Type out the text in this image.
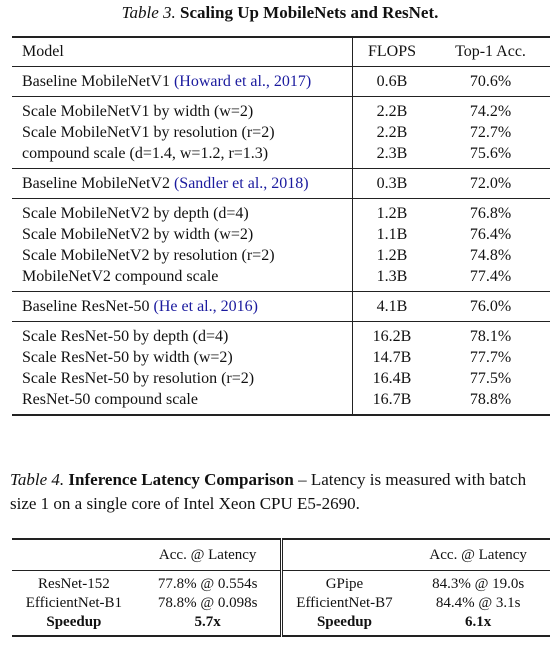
Table 3. Scaling Up MobileNets and ResNet.
Model	FLOPS	Top-1 Acc.
Baseline MobileNetV1 (Howard et al., 2017)	0.6B	70.6%
Scale MobileNetV1 by width (w=2)	2.2B	74.2%
Scale MobileNetV1 by resolution (r=2)	2.2B	72.7%
compound scale (d=1.4, w=1.2, r=1.3)	2.3B	75.6%
Baseline MobileNetV2 (Sandler et al., 2018)	0.3B	72.0%
Scale MobileNetV2 by depth (d=4)	1.2B	76.8%
Scale MobileNetV2 by width (w=2)	1.1B	76.4%
Scale MobileNetV2 by resolution (r=2)	1.2B	74.8%
MobileNetV2 compound scale	1.3B	77.4%
Baseline ResNet-50 (He et al., 2016)	4.1B	76.0%
Scale ResNet-50 by depth (d=4)	16.2B	78.1%
Scale ResNet-50 by width (w=2)	14.7B	77.7%
Scale ResNet-50 by resolution (r=2)	16.4B	77.5%
ResNet-50 compound scale	16.7B	78.8%
Table 4. Inference Latency Comparison – Latency is measured with batch size 1 on a single core of Intel Xeon CPU E5-2690.
	Acc. @ Latency		Acc. @ Latency
ResNet-152	77.8% @ 0.554s	GPipe	84.3% @ 19.0s
EfficientNet-B1	78.8% @ 0.098s	EfficientNet-B7	84.4% @ 3.1s
Speedup	5.7x	Speedup	6.1x
